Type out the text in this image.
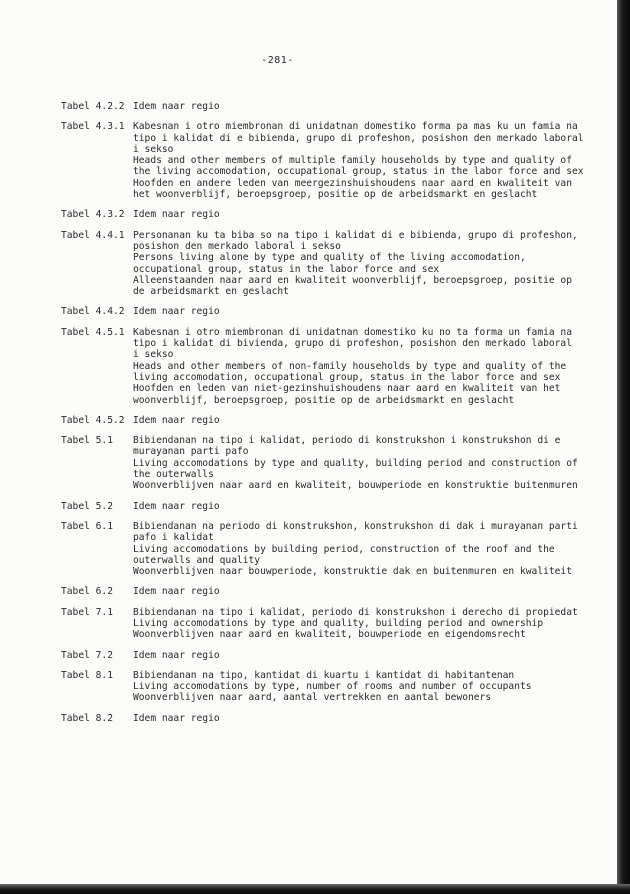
-281-
Tabel 4.2.2 Idem naar regio
Tabel 4.3.1 Kabesnan i otro miembronan di unidatnan domestiko forma pa mas ku un famia na
tipo i kalidat di e bibienda, grupo di profeshon, posishon den merkado laboral
i sekso
Heads and other members of multiple family households by type and quality of
the living accomodation, occupational group, status in the labor force and sex
Hoofden en andere leden van meergezinshuishoudens naar aard en kwaliteit van
het woonverblijf, beroepsgroep, positie op de arbeidsmarkt en geslacht
Tabel 4.3.2 Idem naar regio
Tabel 4.4.1 Personanan ku ta biba so na tipo i kalidat di e bibienda, grupo di profeshon,
posishon den merkado laboral i sekso
Persons living alone by type and quality of the living accomodation,
occupational group, status in the labor force and sex
Alleenstaanden naar aard en kwaliteit woonverblijf, beroepsgroep, positie op
de arbeidsmarkt en geslacht
Tabel 4.4.2 Idem naar regio
Tabel 4.5.1 Kabesnan i otro miembronan di unidatnan domestiko ku no ta forma un famia na
tipo i kalidat di bivienda, grupo di profeshon, posishon den merkado laboral
i sekso
Heads and other members of non-family households by type and quality of the
living accomodation, occupational group, status in the labor force and sex
Hoofden en leden van niet-gezinshuishoudens naar aard en kwaliteit van het
woonverblijf, beroepsgroep, positie op de arbeidsmarkt en geslacht
Tabel 4.5.2 Idem naar regio
Tabel 5.1	Bibiendanan na tipo i kalidat, periodo di konstrukshon i konstrukshon di e
murayanan parti pafo
Living accomodations by type and quality, building period and construction of
the outerwalls
Woonverblijven naar aard en kwaliteit, bouwperiode en konstruktie buitenmuren
Tabel 5.2	Idem naar regio
Tabel 6.1	Bibiendanan na periodo di konstrukshon, konstrukshon di dak i murayanan parti
pafo i kalidat
Living accomodations by building period, construction of the roof and the
outerwalls and quality
Woonverblijven naar bouwperiode, konstruktie dak en buitenmuren en kwaliteit
Tabel 6.2	Idem naar regio
Tabel 7.1	Bibiendanan na tipo i kalidat, periodo di konstrukshon i derecho di propiedat
Living accomodations by type and quality, building period and ownership
Woonverblijven naar aard en kwaliteit, bouwperiode en eigendomsrecht
Tabel 7.2	Idem naar regio
Tabel 8.1	Bibiendanan na tipo, kantidat di kuartu i kantidat di habitantenan
Living accomodations by type, number of rooms and number of occupants
Woonverblijven naar aard, aantal vertrekken en aantal bewoners
Tabel 8.2	Idem naar regio
